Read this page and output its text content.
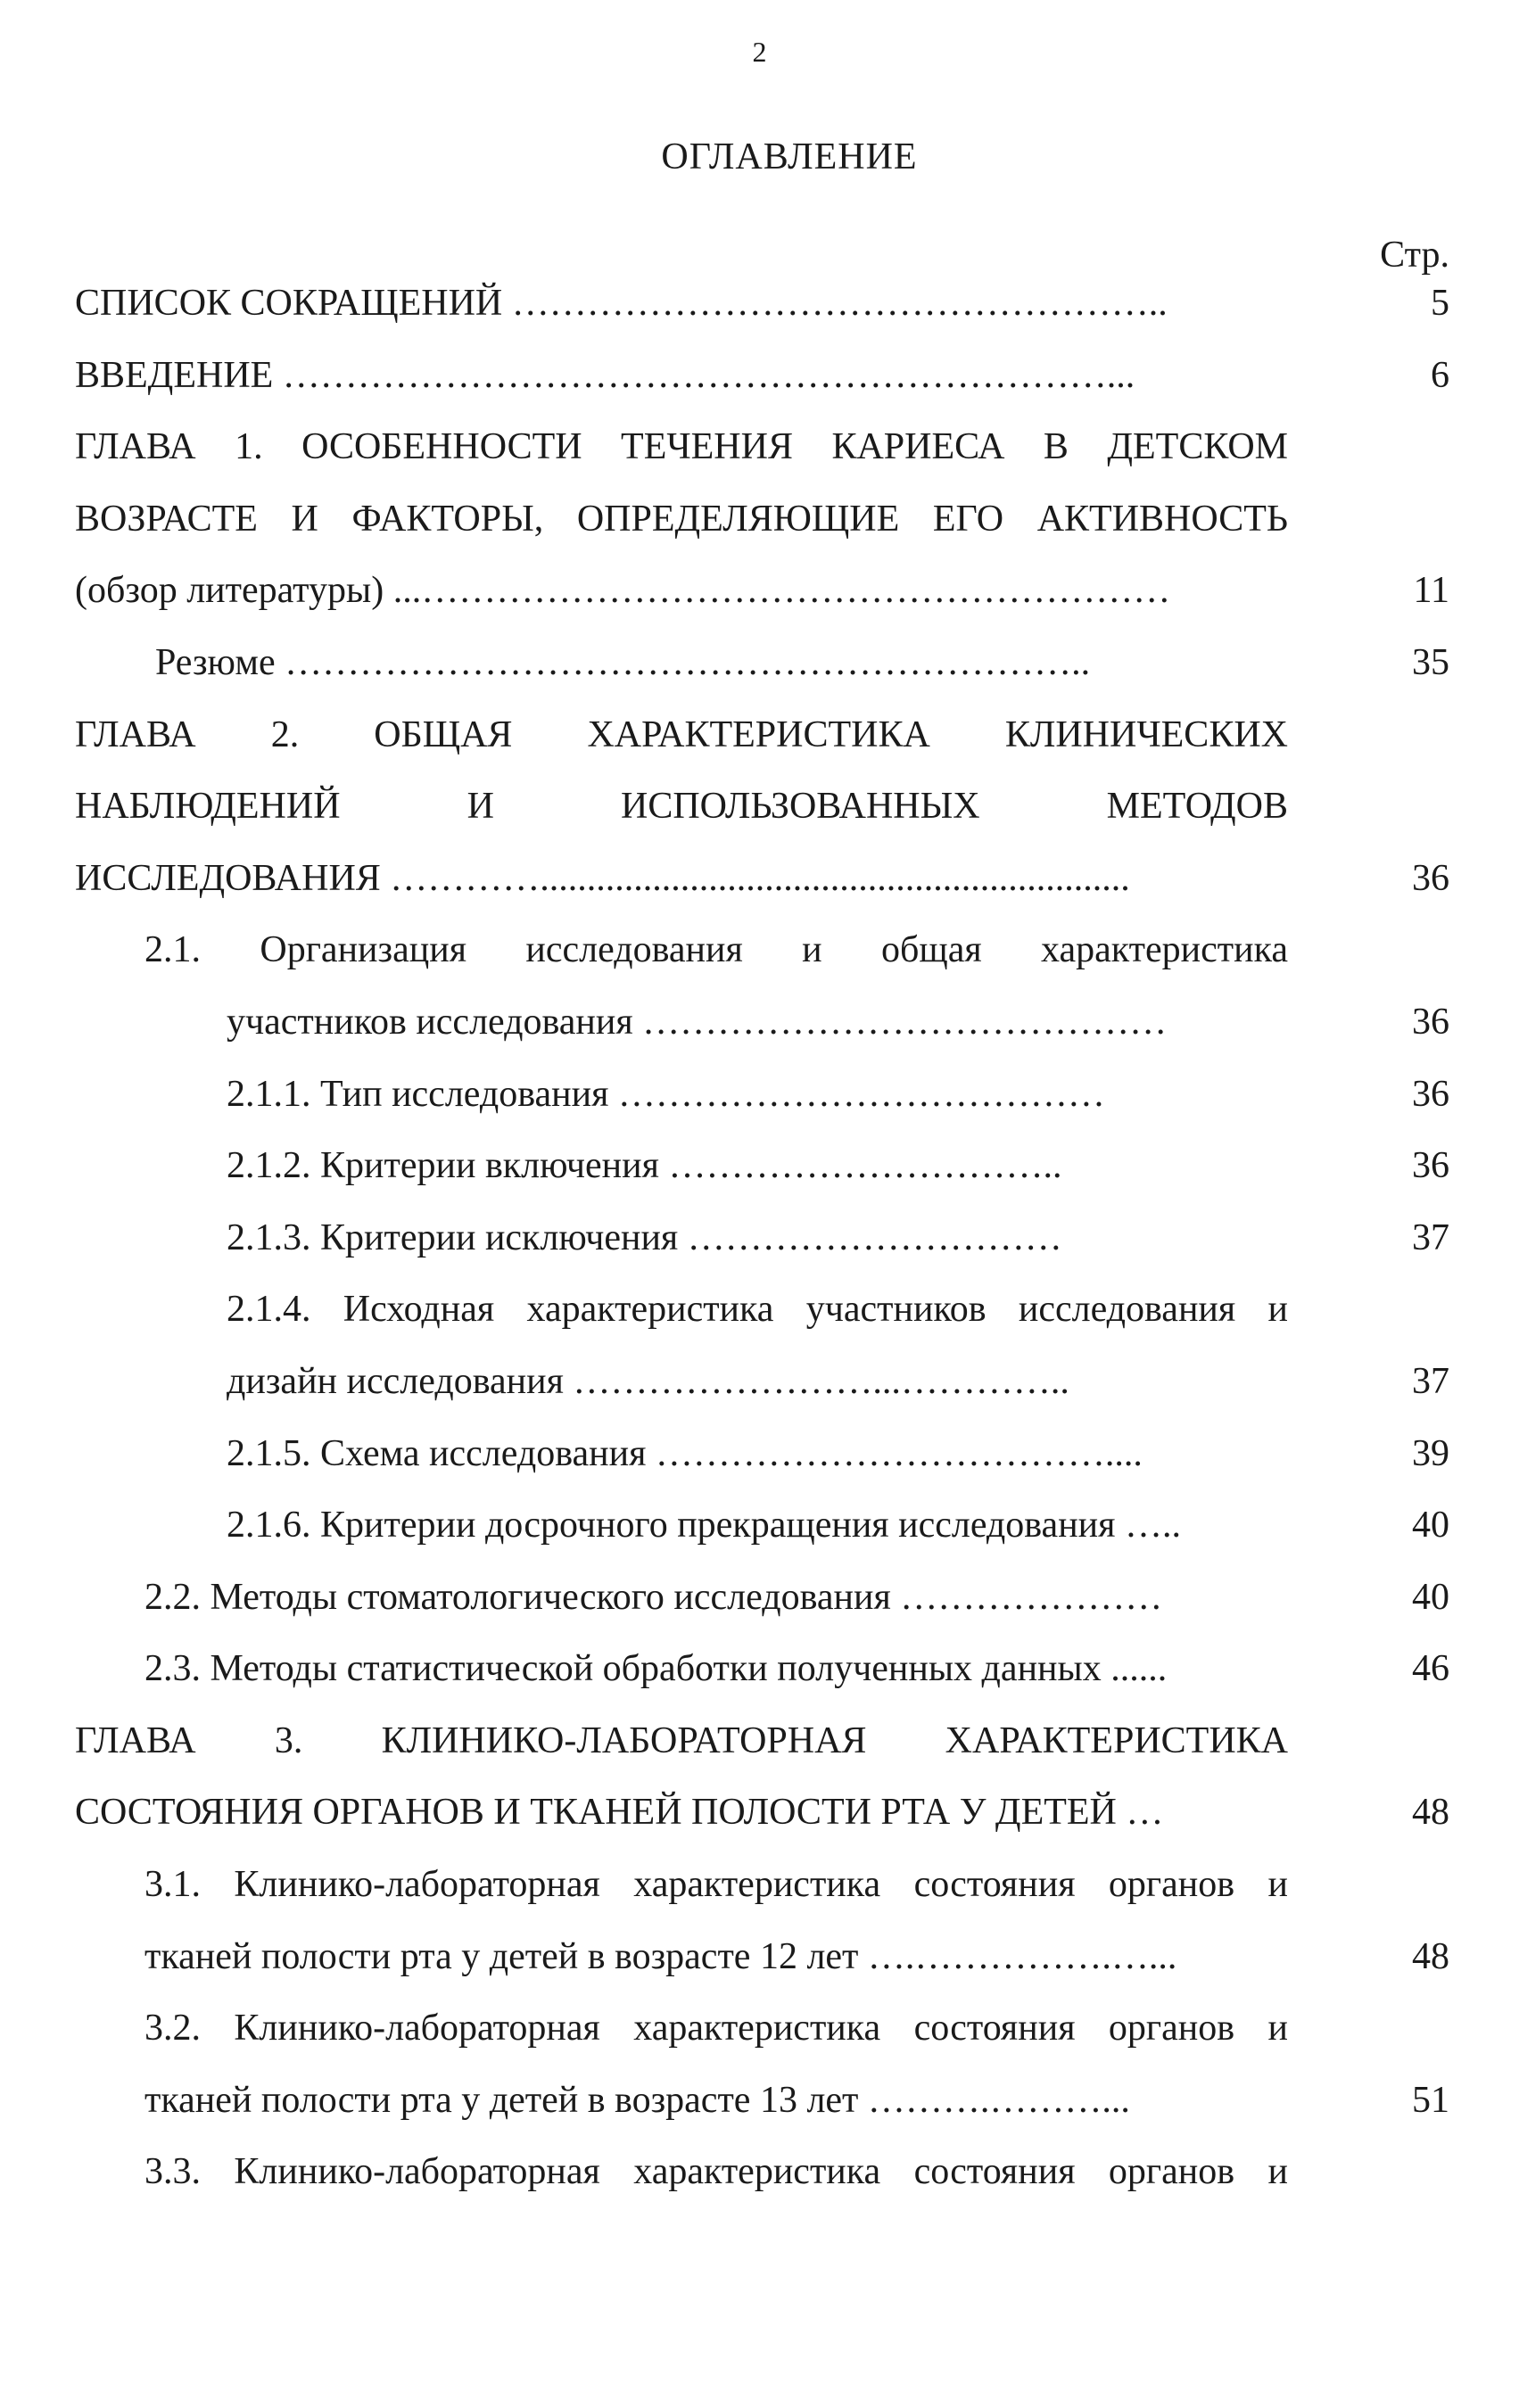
2
ОГЛАВЛЕНИЕ
Стр.
СПИСОК СОКРАЩЕНИЙ ……………………………………………..	5
ВВЕДЕНИЕ …………………………………………………………...	6
ГЛАВА 1. ОСОБЕННОСТИ ТЕЧЕНИЯ КАРИЕСА В ДЕТСКОМ
ВОЗРАСТЕ И ФАКТОРЫ, ОПРЕДЕЛЯЮЩИЕ ЕГО АКТИВНОСТЬ
(обзор литературы) ...……………………………………………………	11
Резюме ………………………………………………………..	35
ГЛАВА 2. ОБЩАЯ ХАРАКТЕРИСТИКА КЛИНИЧЕСКИХ
НАБЛЮДЕНИЙ И ИСПОЛЬЗОВАННЫХ МЕТОДОВ
ИССЛЕДОВАНИЯ …………...............................................................	36
2.1. Организация исследования и общая характеристика
участников исследования ……………………………………	36
2.1.1. Тип исследования …………………………………	36
2.1.2. Критерии включения …………………………..	36
2.1.3. Критерии исключения …………………………	37
2.1.4. Исходная характеристика участников исследования и
дизайн исследования ……………………...…………..	37
2.1.5. Схема исследования ………………………………....	39
2.1.6. Критерии досрочного прекращения исследования …..	40
2.2. Методы стоматологического исследования …………………	40
2.3. Методы статистической обработки полученных данных ......	46
ГЛАВА 3. КЛИНИКО-ЛАБОРАТОРНАЯ ХАРАКТЕРИСТИКА
СОСТОЯНИЯ ОРГАНОВ И ТКАНЕЙ ПОЛОСТИ РТА У ДЕТЕЙ …	48
3.1. Клинико-лабораторная характеристика состояния органов и
тканей полости рта у детей в возрасте 12 лет ….…………….…...	48
3.2. Клинико-лабораторная характеристика состояния органов и
тканей полости рта у детей в возрасте 13 лет ……….………...	51
3.3. Клинико-лабораторная характеристика состояния органов и
